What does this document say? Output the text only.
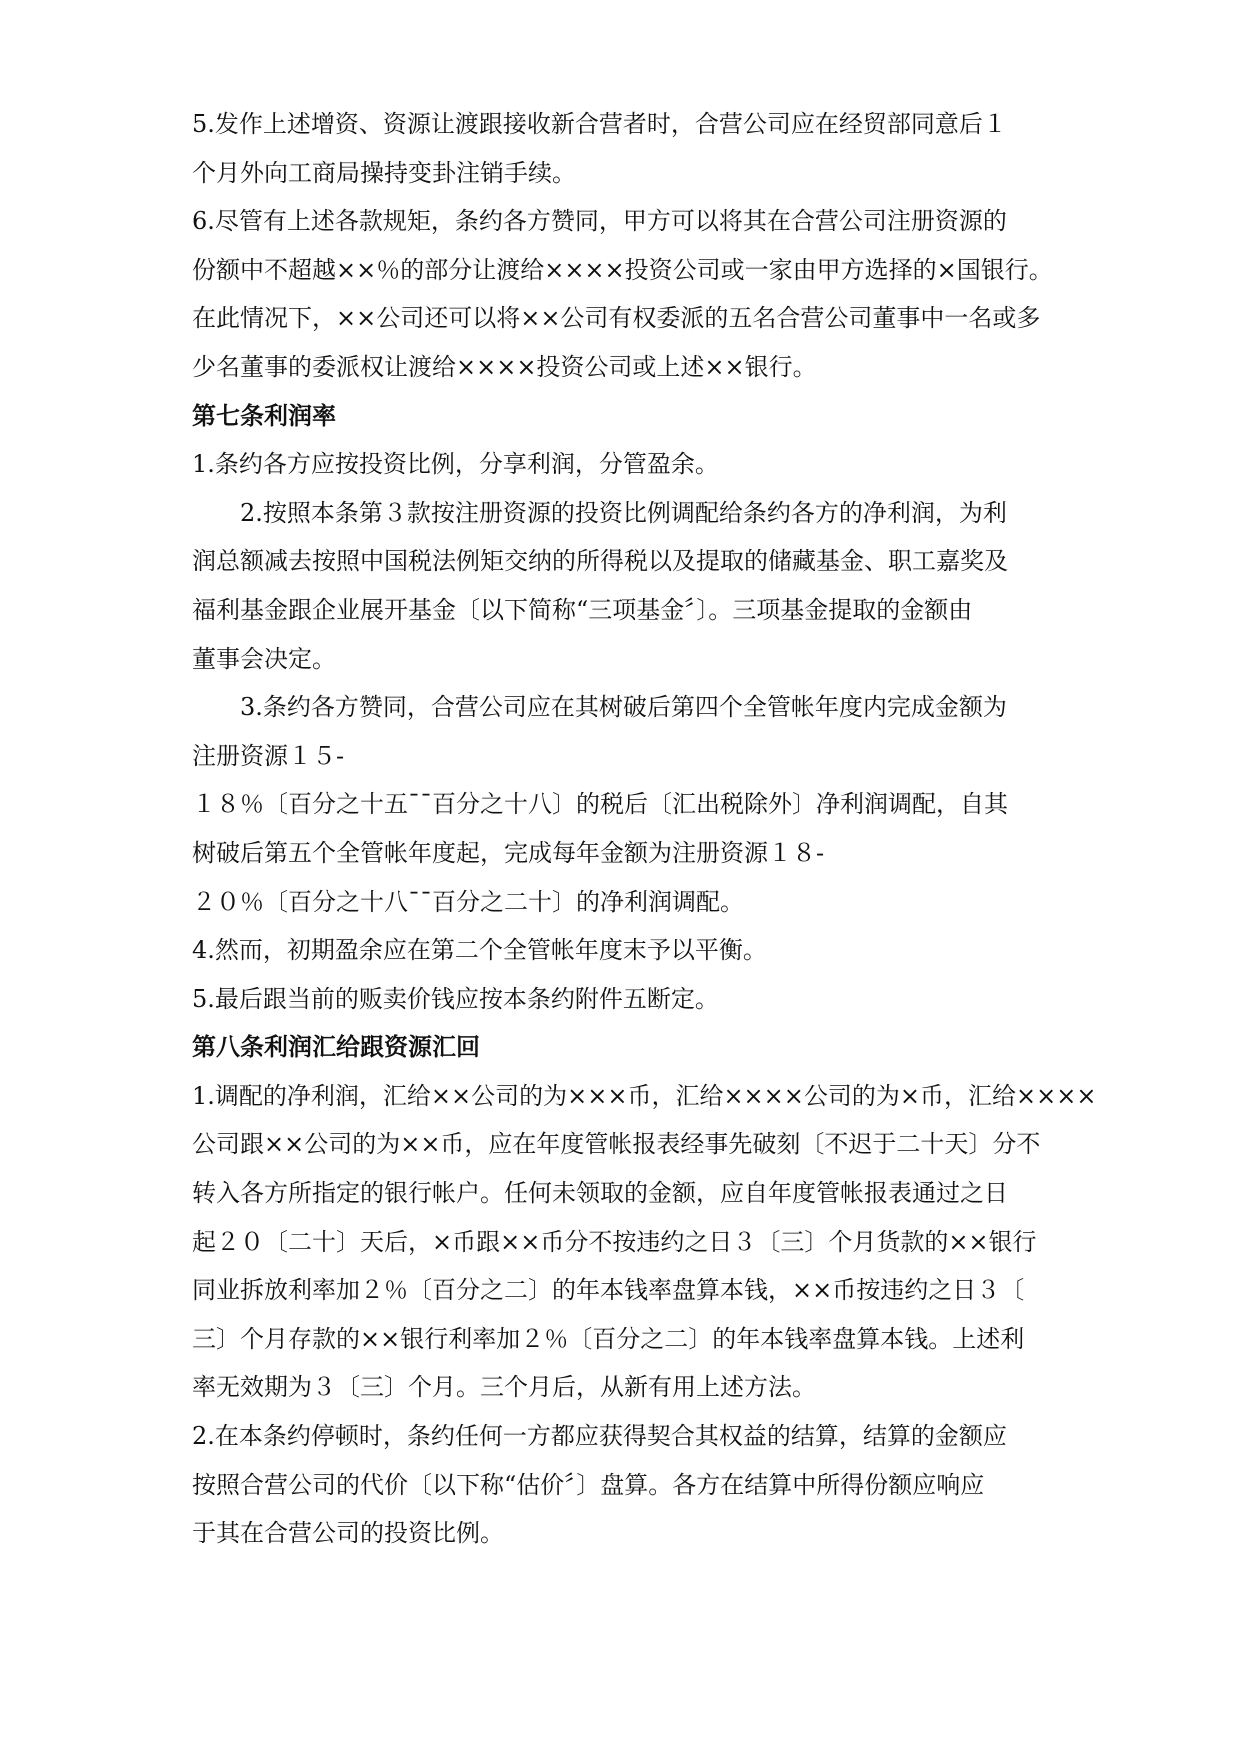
5.发作上述增资、资源让渡跟接收新合营者时，合营公司应在经贸部同意后１
个月外向工商局操持变卦注销手续。
6.尽管有上述各款规矩，条约各方赞同，甲方可以将其在合营公司注册资源的
份额中不超越××％的部分让渡给××××投资公司或一家由甲方选择的×国银行。
在此情况下，××公司还可以将××公司有权委派的五名合营公司董事中一名或多
少名董事的委派权让渡给××××投资公司或上述××银行。
第七条利润率
1.条约各方应按投资比例，分享利润，分管盈余。
2.按照本条第３款按注册资源的投资比例调配给条约各方的净利润，为利
润总额减去按照中国税法例矩交纳的所得税以及提取的储藏基金、职工嘉奖及
福利基金跟企业展开基金〔以下简称“三项基金〞〕。三项基金提取的金额由
董事会决定。
3.条约各方赞同，合营公司应在其树破后第四个全管帐年度内完成金额为
注册资源１５-
１８％〔百分之十五¯¯百分之十八〕的税后〔汇出税除外〕净利润调配，自其
树破后第五个全管帐年度起，完成每年金额为注册资源１８-
２０％〔百分之十八¯¯百分之二十〕的净利润调配。
4.然而，初期盈余应在第二个全管帐年度末予以平衡。
5.最后跟当前的贩卖价钱应按本条约附件五断定。
第八条利润汇给跟资源汇回
1.调配的净利润，汇给××公司的为×××币，汇给××××公司的为×币，汇给××××
公司跟××公司的为××币，应在年度管帐报表经事先破刻〔不迟于二十天〕分不
转入各方所指定的银行帐户。任何未领取的金额，应自年度管帐报表通过之日
起２０〔二十〕天后，×币跟××币分不按违约之日３〔三〕个月货款的××银行
同业拆放利率加２％〔百分之二〕的年本钱率盘算本钱，××币按违约之日３〔
三〕个月存款的××银行利率加２％〔百分之二〕的年本钱率盘算本钱。上述利
率无效期为３〔三〕个月。三个月后，从新有用上述方法。
2.在本条约停顿时，条约任何一方都应获得契合其权益的结算，结算的金额应
按照合营公司的代价〔以下称“估价〞〕盘算。各方在结算中所得份额应响应
于其在合营公司的投资比例。
